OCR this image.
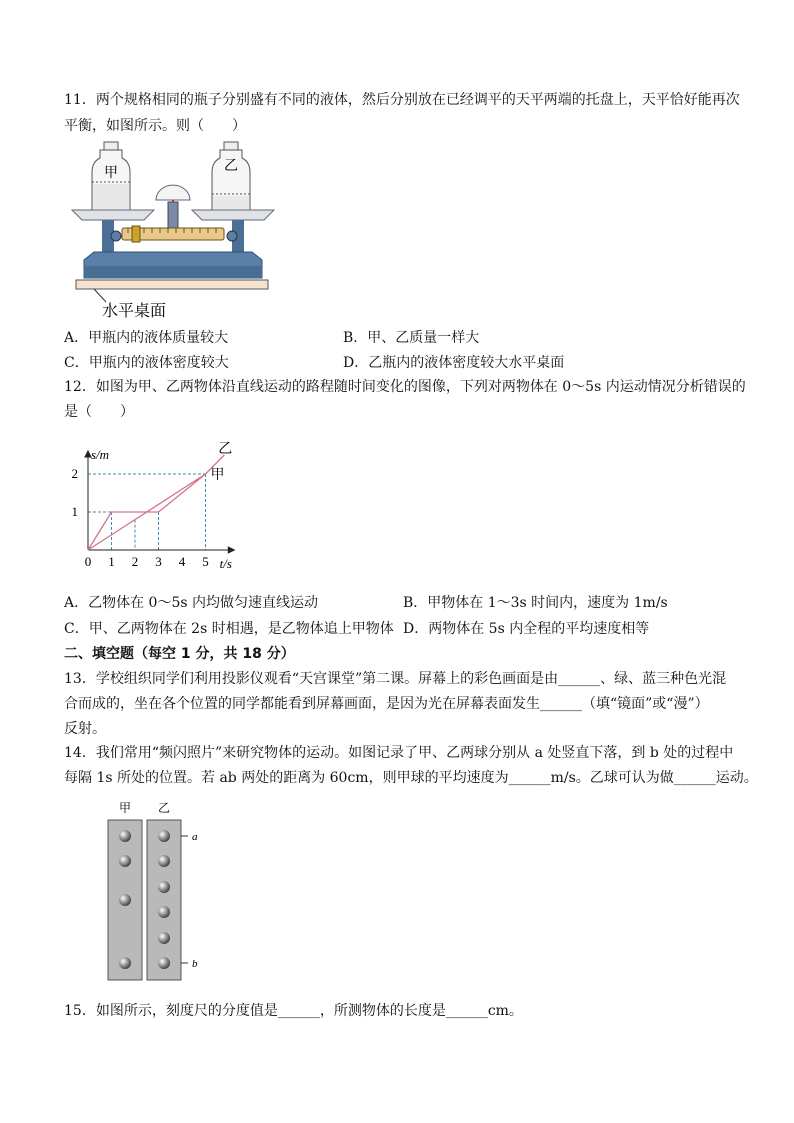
11．两个规格相同的瓶子分别盛有不同的液体，然后分别放在已经调平的天平两端的托盘上，天平恰好能再次
平衡，如图所示。则（　　）
甲	乙
水平桌面
A．甲瓶内的液体质量较大	B．甲、乙质量一样大
C．甲瓶内的液体密度较大	D．乙瓶内的液体密度较大水平桌面
12．如图为甲、乙两物体沿直线运动的路程随时间变化的图像，下列对两物体在 0～5s 内运动情况分析错误的
是（　　）
甲
乙
0 1 2 3 4 5
1
2
s/m
t/s
A．乙物体在 0～5s 内均做匀速直线运动	B．甲物体在 1～3s 时间内，速度为 1m/s
C．甲、乙两物体在 2s 时相遇，是乙物体追上甲物体 D．两物体在 5s 内全程的平均速度相等
二、填空题（每空 1 分，共 18 分）
13．学校组织同学们利用投影仪观看“天宫课堂”第二课。屏幕上的彩色画面是由______、绿、蓝三种色光混
合而成的，坐在各个位置的同学都能看到屏幕画面，是因为光在屏幕表面发生______（填“镜面”或“漫”）
反射。
14．我们常用“频闪照片”来研究物体的运动。如图记录了甲、乙两球分别从 a 处竖直下落，到 b 处的过程中
每隔 1s 所处的位置。若 ab 两处的距离为 60cm，则甲球的平均速度为______m/s。乙球可认为做______运动。
甲 乙
a
b
15．如图所示，刻度尺的分度值是______，所测物体的长度是______cm。
